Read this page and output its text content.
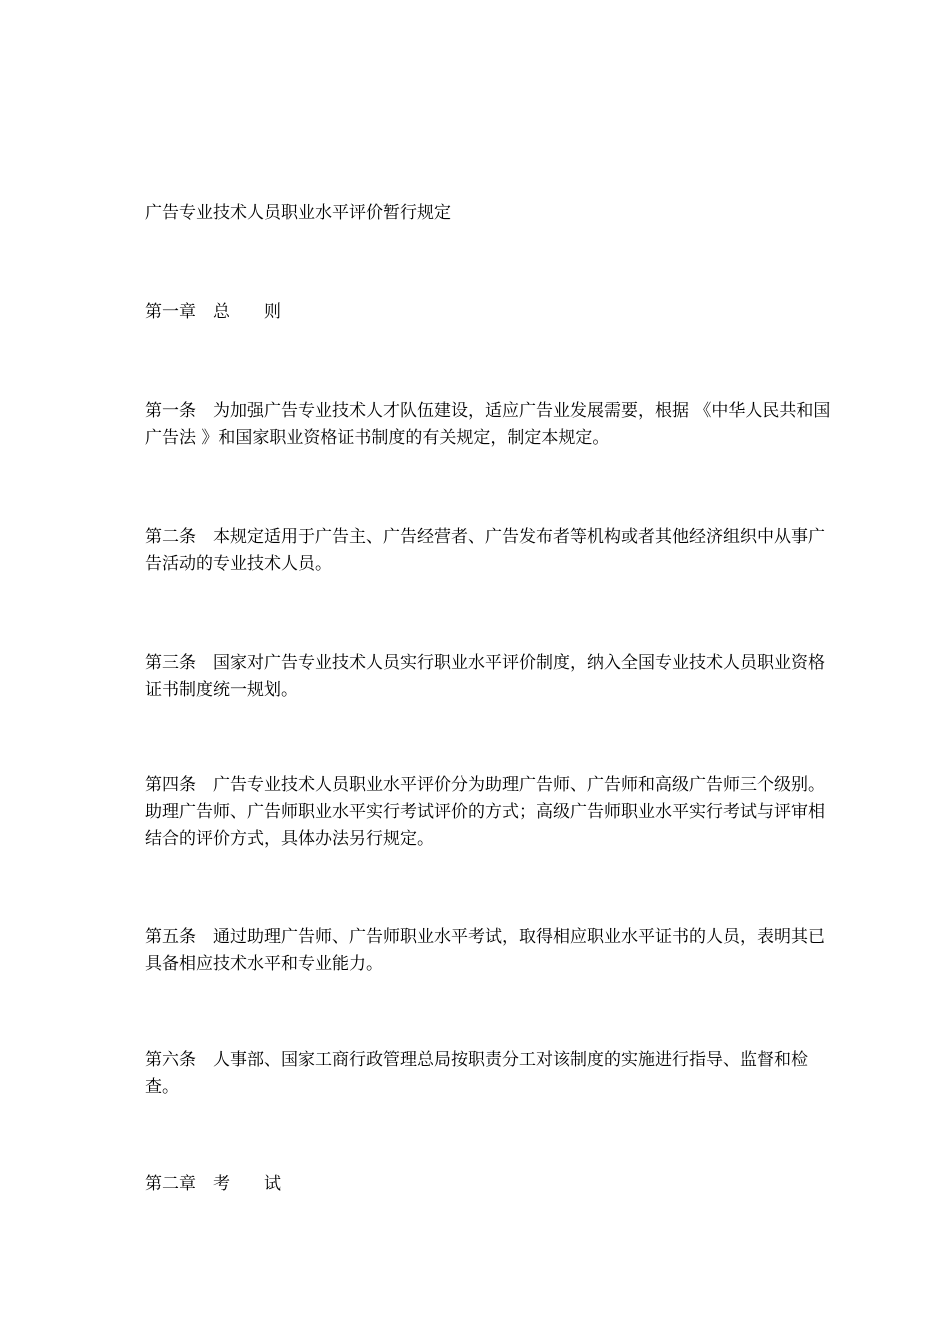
广告专业技术人员职业水平评价暂行规定
第一章　总　　则
第一条　为加强广告专业技术人才队伍建设，适应广告业发展需要，根据 《中华人民共和国广告法 》和国家职业资格证书制度的有关规定，制定本规定。
第二条　本规定适用于广告主、广告经营者、广告发布者等机构或者其他经济组织中从事广告活动的专业技术人员。
第三条　国家对广告专业技术人员实行职业水平评价制度，纳入全国专业技术人员职业资格证书制度统一规划。
第四条　广告专业技术人员职业水平评价分为助理广告师、广告师和高级广告师三个级别。助理广告师、广告师职业水平实行考试评价的方式；高级广告师职业水平实行考试与评审相结合的评价方式，具体办法另行规定。
第五条　通过助理广告师、广告师职业水平考试，取得相应职业水平证书的人员，表明其已具备相应技术水平和专业能力。
第六条　人事部、国家工商行政管理总局按职责分工对该制度的实施进行指导、监督和检查。
第二章　考　　试
